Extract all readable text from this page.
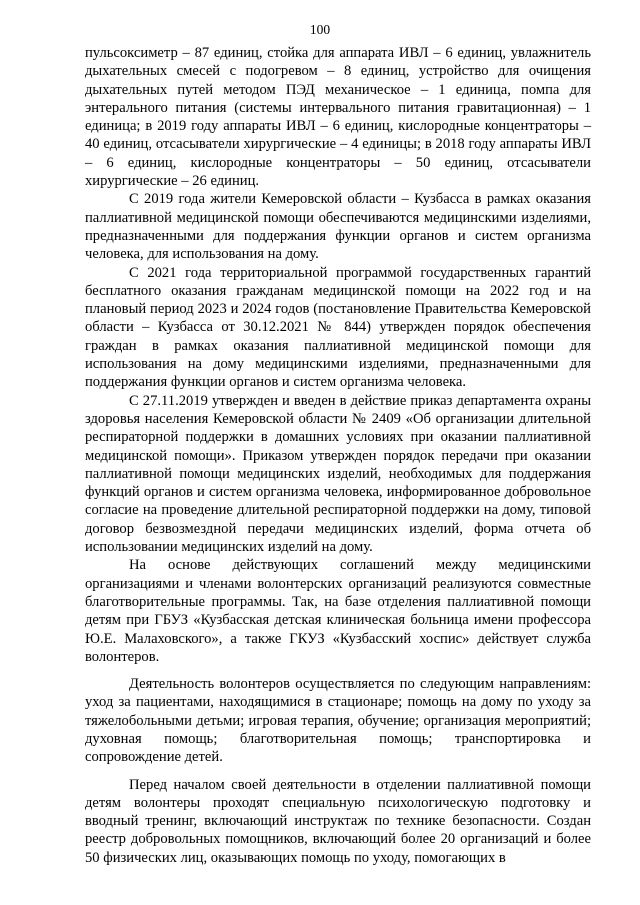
100

пульсоксиметр – 87 единиц, стойка для аппарата ИВЛ – 6 единиц, увлажнитель дыхательных смесей с подогревом – 8 единиц, устройство для очищения дыхательных путей методом ПЭД механическое – 1 единица, помпа для энтерального питания (системы интервального питания гравитационная) – 1 единица; в 2019 году аппараты ИВЛ – 6 единиц, кислородные концентраторы – 40 единиц, отсасыватели хирургические – 4 единицы; в 2018 году аппараты ИВЛ – 6 единиц, кислородные концентраторы – 50 единиц, отсасыватели хирургические – 26 единиц.

С 2019 года жители Кемеровской области – Кузбасса в рамках оказания паллиативной медицинской помощи обеспечиваются медицинскими изделиями, предназначенными для поддержания функции органов и систем организма человека, для использования на дому.

С 2021 года территориальной программой государственных гарантий бесплатного оказания гражданам медицинской помощи на 2022 год и на плановый период 2023 и 2024 годов (постановление Правительства Кемеровской области – Кузбасса от 30.12.2021 № 844) утвержден порядок обеспечения граждан в рамках оказания паллиативной медицинской помощи для использования на дому медицинскими изделиями, предназначенными для поддержания функции органов и систем организма человека.

С 27.11.2019 утвержден и введен в действие приказ департамента охраны здоровья населения Кемеровской области № 2409 «Об организации длительной респираторной поддержки в домашних условиях при оказании паллиативной медицинской помощи». Приказом утвержден порядок передачи при оказании паллиативной помощи медицинских изделий, необходимых для поддержания функций органов и систем организма человека, информированное добровольное согласие на проведение длительной респираторной поддержки на дому, типовой договор безвозмездной передачи медицинских изделий, форма отчета об использовании медицинских изделий на дому.

На основе действующих соглашений между медицинскими организациями и членами волонтерских организаций реализуются совместные благотворительные программы. Так, на базе отделения паллиативной помощи детям при ГБУЗ «Кузбасская детская клиническая больница имени профессора Ю.Е. Малаховского», а также ГКУЗ «Кузбасский хоспис» действует служба волонтеров.

Деятельность волонтеров осуществляется по следующим направлениям: уход за пациентами, находящимися в стационаре; помощь на дому по уходу за тяжелобольными детьми; игровая терапия, обучение; организация мероприятий; духовная помощь; благотворительная помощь; транспортировка и сопровождение детей.

Перед началом своей деятельности в отделении паллиативной помощи детям волонтеры проходят специальную психологическую подготовку и вводный тренинг, включающий инструктаж по технике безопасности. Создан реестр добровольных помощников, включающий более 20 организаций и более 50 физических лиц, оказывающих помощь по уходу, помогающих в
